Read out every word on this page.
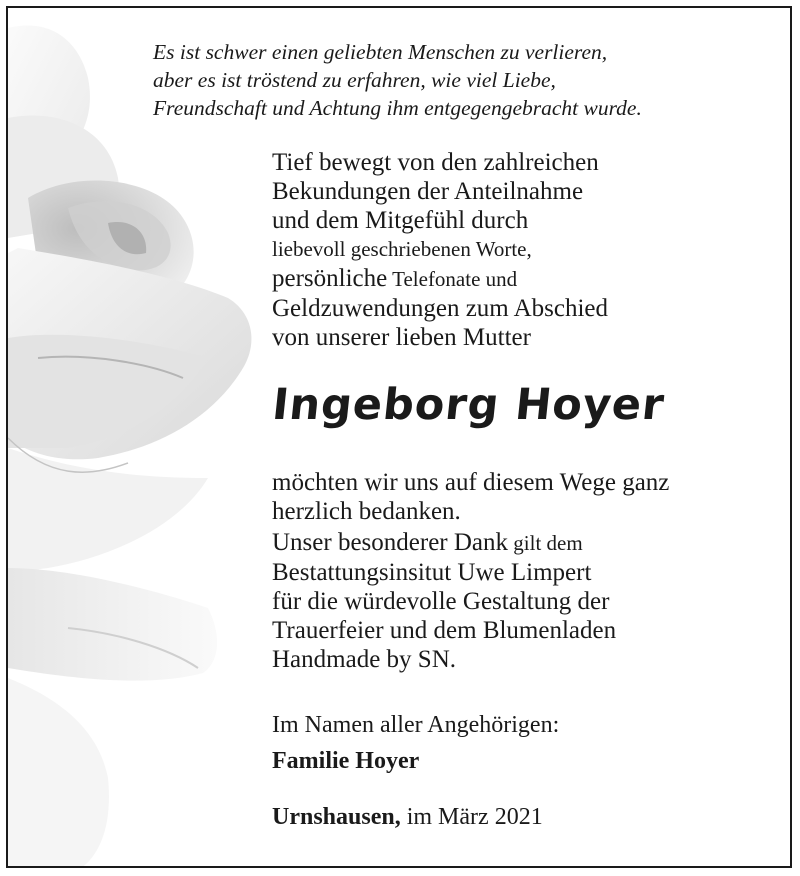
Es ist schwer einen geliebten Menschen zu verlieren,
aber es ist tröstend zu erfahren, wie viel Liebe,
Freundschaft und Achtung ihm entgegengebracht wurde.
Tief bewegt von den zahlreichen
Bekundungen der Anteilnahme
und dem Mitgefühl durch
liebevoll geschriebenen Worte,
persönliche Telefonate und
Geldzuwendungen zum Abschied
von unserer lieben Mutter
Ingeborg Hoyer
möchten wir uns auf diesem Wege ganz
herzlich bedanken.
Unser besonderer Dank gilt dem
Bestattungsinsitut Uwe Limpert
für die würdevolle Gestaltung der
Trauerfeier und dem Blumenladen
Handmade by SN.
Im Namen aller Angehörigen:
Familie Hoyer
Urnshausen, im März 2021
